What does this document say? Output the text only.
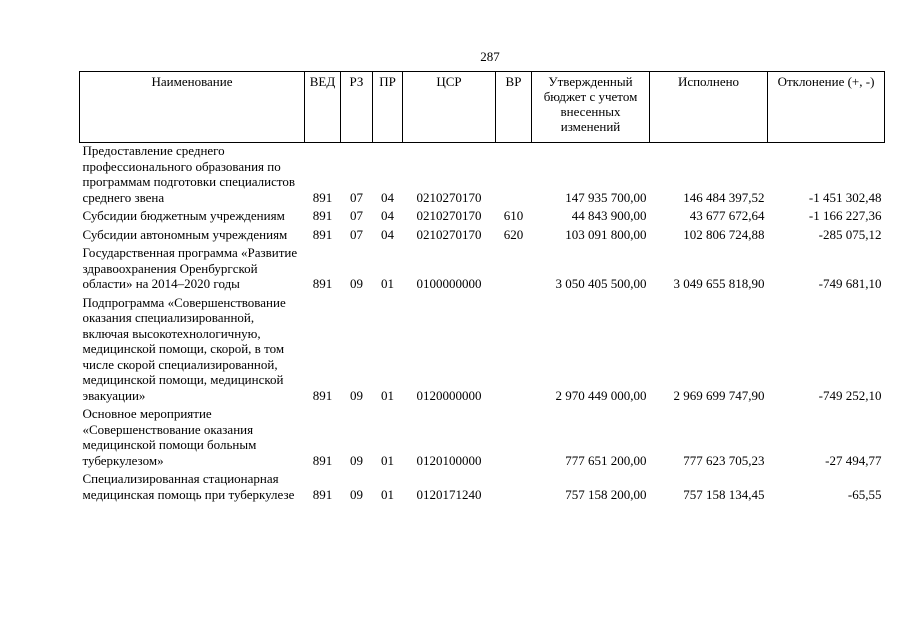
287
Наименование	ВЕД	РЗ	ПР	ЦСР	ВР	Утвержденный бюджет с учетом внесенных изменений	Исполнено	Отклонение (+, -)
Предоставление среднего профессионального образования по программам подготовки специалистов среднего звена	891	07	04	0210270170		147 935 700,00	146 484 397,52	-1 451 302,48
Субсидии бюджетным учреждениям	891	07	04	0210270170	610	44 843 900,00	43 677 672,64	-1 166 227,36
Субсидии автономным учреждениям	891	07	04	0210270170	620	103 091 800,00	102 806 724,88	-285 075,12
Государственная программа «Развитие здравоохранения Оренбургской области» на 2014–2020 годы	891	09	01	0100000000		3 050 405 500,00	3 049 655 818,90	-749 681,10
Подпрограмма «Совершенствование оказания специализированной, включая высокотехнологичную, медицинской помощи, скорой, в том числе скорой специализированной, медицинской помощи, медицинской эвакуации»	891	09	01	0120000000		2 970 449 000,00	2 969 699 747,90	-749 252,10
Основное мероприятие «Совершенствование оказания медицинской помощи больным туберкулезом»	891	09	01	0120100000		777 651 200,00	777 623 705,23	-27 494,77
Специализированная стационарная медицинская помощь при туберкулезе	891	09	01	0120171240		757 158 200,00	757 158 134,45	-65,55
